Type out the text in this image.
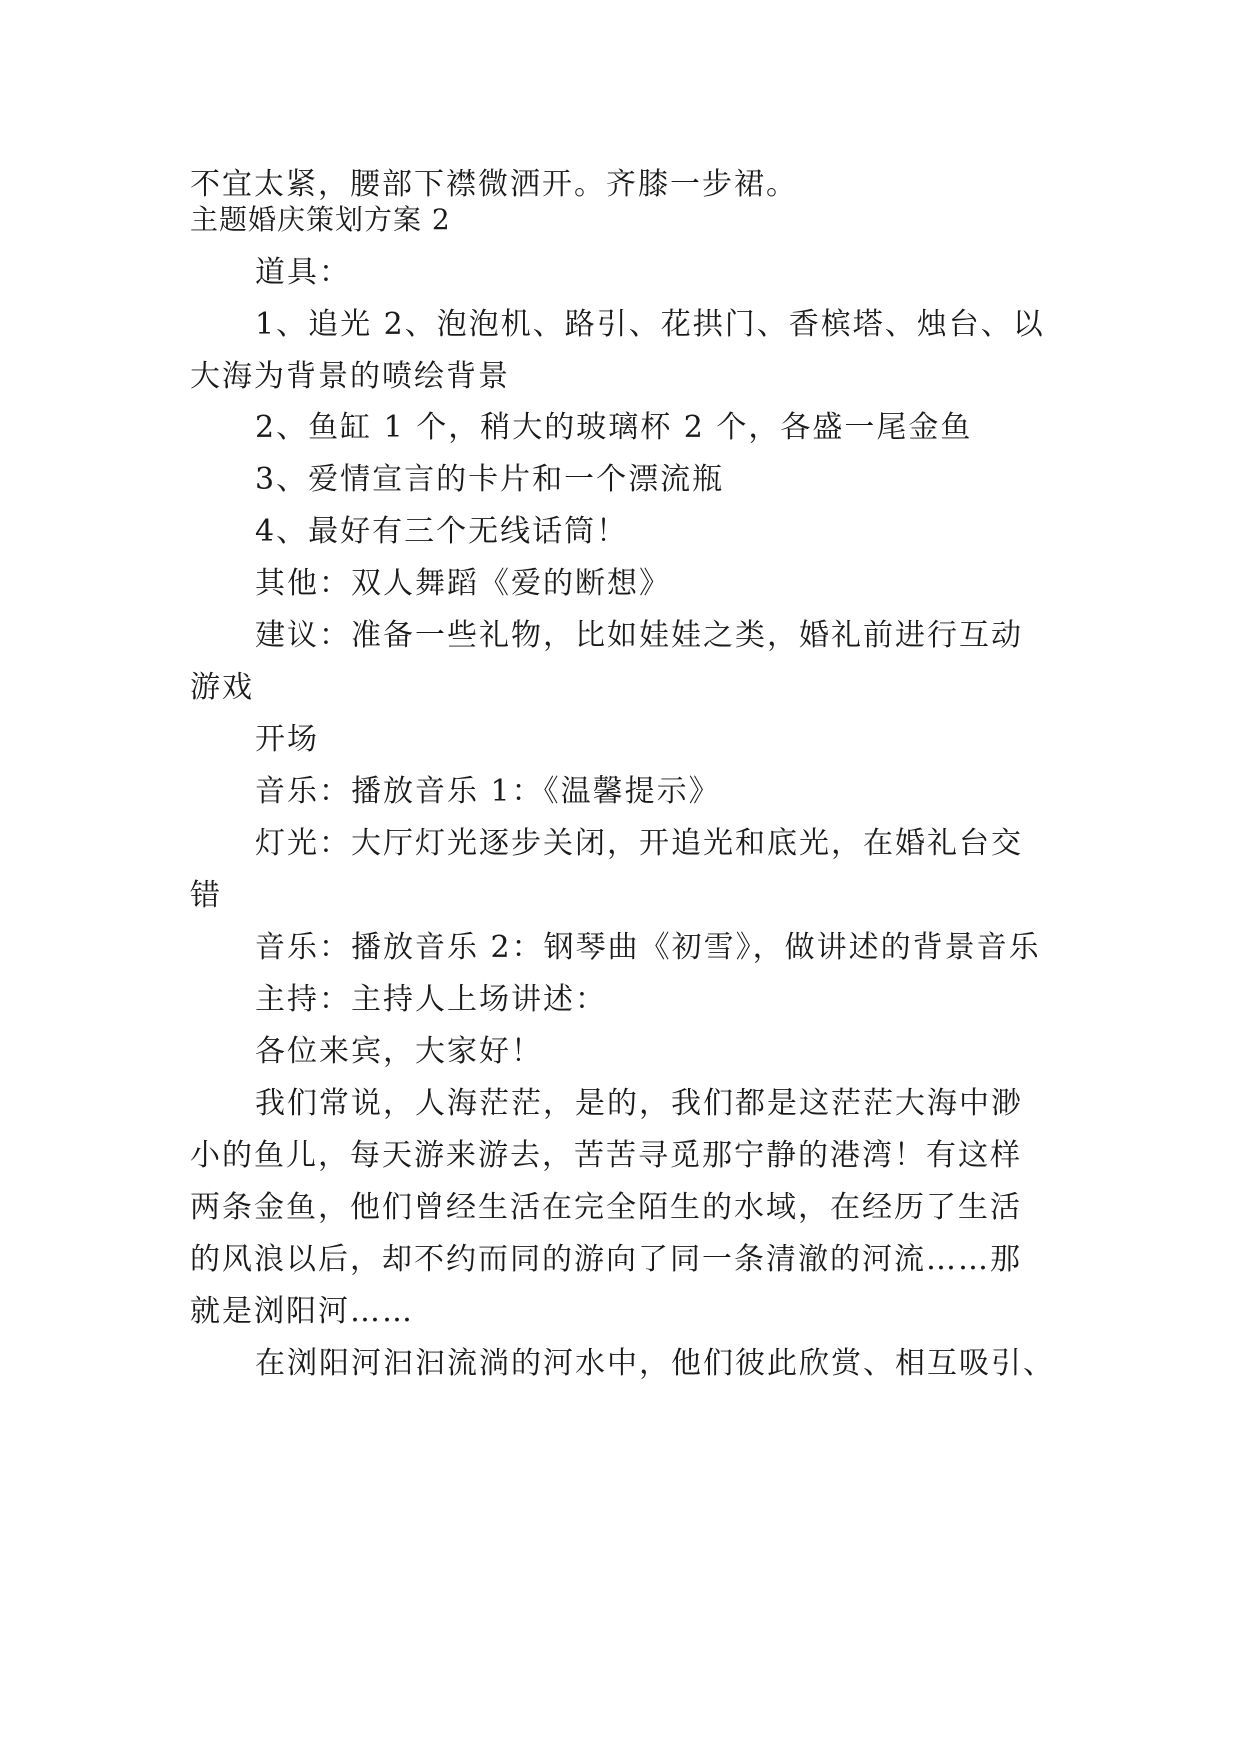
不宜太紧，腰部下襟微洒开。齐膝一步裙。
主题婚庆策划方案 2
道具：
1、追光 2、泡泡机、路引、花拱门、香槟塔、烛台、以
大海为背景的喷绘背景
2、鱼缸 1 个，稍大的玻璃杯 2 个，各盛一尾金鱼
3、爱情宣言的卡片和一个漂流瓶
4、最好有三个无线话筒！
其他：双人舞蹈《爱的断想》
建议：准备一些礼物，比如娃娃之类，婚礼前进行互动
游戏
开场
音乐：播放音乐 1：《温馨提示》
灯光：大厅灯光逐步关闭，开追光和底光，在婚礼台交
错
音乐：播放音乐 2：钢琴曲《初雪》，做讲述的背景音乐
主持：主持人上场讲述：
各位来宾，大家好！
我们常说，人海茫茫，是的，我们都是这茫茫大海中渺
小的鱼儿，每天游来游去，苦苦寻觅那宁静的港湾！有这样
两条金鱼，他们曾经生活在完全陌生的水域，在经历了生活
的风浪以后，却不约而同的游向了同一条清澈的河流……那
就是浏阳河……
在浏阳河汩汩流淌的河水中，他们彼此欣赏、相互吸引、
